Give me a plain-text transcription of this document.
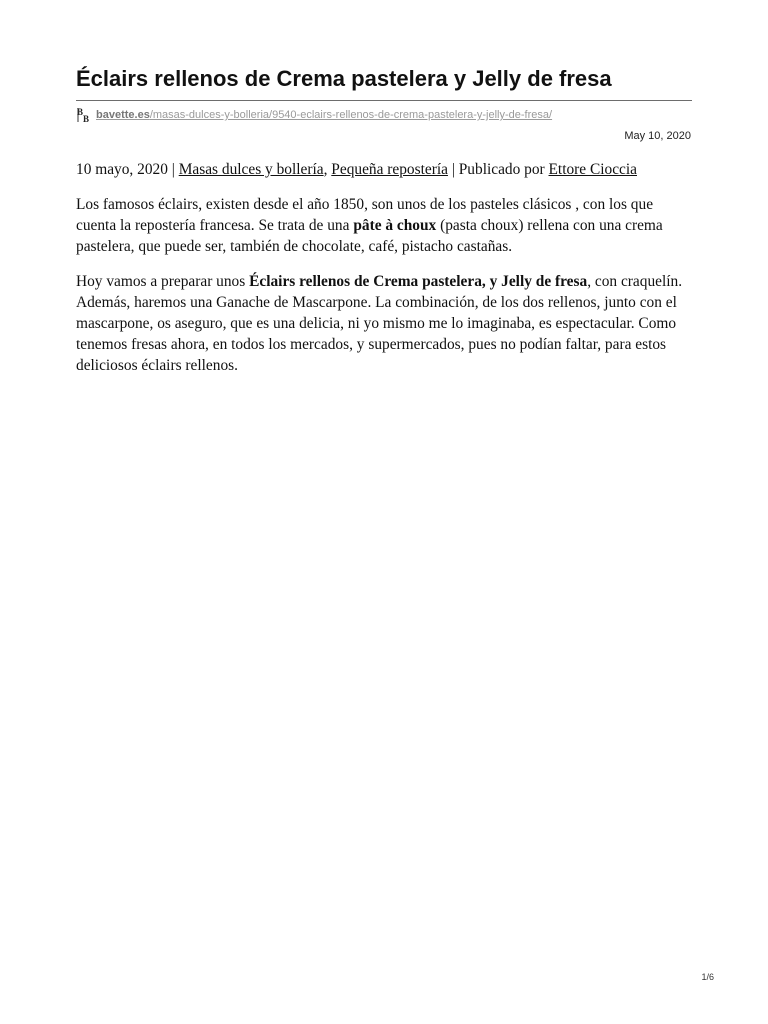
Éclairs rellenos de Crema pastelera y Jelly de fresa
B
B bavette.es/masas-dulces-y-bolleria/9540-eclairs-rellenos-de-crema-pastelera-y-jelly-de-fresa/
May 10, 2020

10 mayo, 2020 | Masas dulces y bollería, Pequeña repostería | Publicado por Ettore Cioccia

Los famosos éclairs, existen desde el año 1850, son unos de los pasteles clásicos , con los que cuenta la repostería francesa. Se trata de una pâte à choux (pasta choux) rellena con una crema pastelera, que puede ser, también de chocolate, café, pistacho castañas.

Hoy vamos a preparar unos Éclairs rellenos de Crema pastelera, y Jelly de fresa, con craquelín. Además, haremos una Ganache de Mascarpone. La combinación, de los dos rellenos, junto con el mascarpone, os aseguro, que es una delicia, ni yo mismo me lo imaginaba, es espectacular. Como tenemos fresas ahora, en todos los mercados, y supermercados, pues no podían faltar, para estos deliciosos éclairs rellenos.

1/6
